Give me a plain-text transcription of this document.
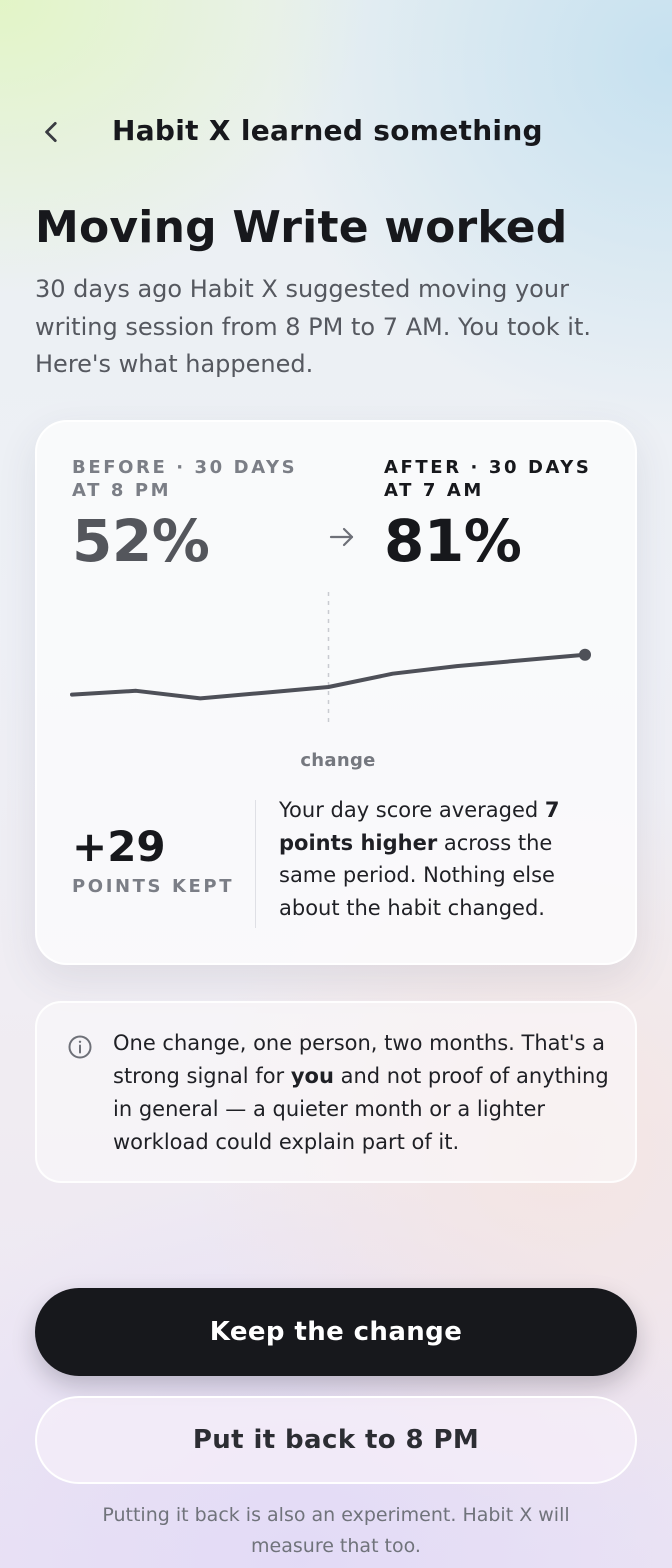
Habit X learned something
Moving Write worked

30 days ago Habit X suggested moving your writing session from 8 PM to 7 AM. You took it. Here's what happened.

BEFORE · 30 DAYS AT 8 PM
52%
AFTER · 30 DAYS AT 7 AM
81%
change
+29
POINTS KEPT

Your day score averaged 7 points higher across the same period. Nothing else about the habit changed.

One change, one person, two months. That's a strong signal for you and not proof of anything in general — a quieter month or a lighter workload could explain part of it.

Keep the change
Put it back to 8 PM

Putting it back is also an experiment. Habit X will measure that too.
